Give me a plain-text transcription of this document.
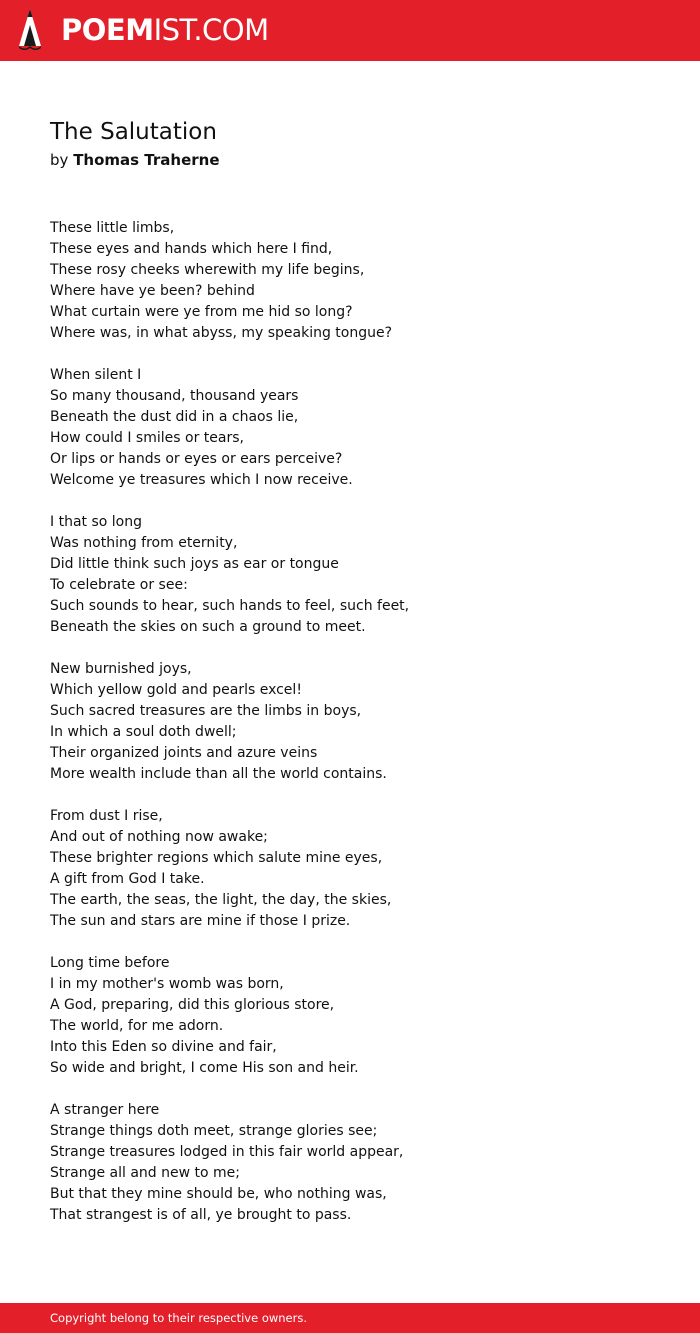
POEMIST.COM
The Salutation
by Thomas Traherne

These little limbs,
These eyes and hands which here I find,
These rosy cheeks wherewith my life begins,
Where have ye been? behind
What curtain were ye from me hid so long?
Where was, in what abyss, my speaking tongue?

When silent I
So many thousand, thousand years
Beneath the dust did in a chaos lie,
How could I smiles or tears,
Or lips or hands or eyes or ears perceive?
Welcome ye treasures which I now receive.

I that so long
Was nothing from eternity,
Did little think such joys as ear or tongue
To celebrate or see:
Such sounds to hear, such hands to feel, such feet,
Beneath the skies on such a ground to meet.

New burnished joys,
Which yellow gold and pearls excel!
Such sacred treasures are the limbs in boys,
In which a soul doth dwell;
Their organized joints and azure veins
More wealth include than all the world contains.

From dust I rise,
And out of nothing now awake;
These brighter regions which salute mine eyes,
A gift from God I take.
The earth, the seas, the light, the day, the skies,
The sun and stars are mine if those I prize.

Long time before
I in my mother's womb was born,
A God, preparing, did this glorious store,
The world, for me adorn.
Into this Eden so divine and fair,
So wide and bright, I come His son and heir.

A stranger here
Strange things doth meet, strange glories see;
Strange treasures lodged in this fair world appear,
Strange all and new to me;
But that they mine should be, who nothing was,
That strangest is of all, ye brought to pass.

Copyright belong to their respective owners.
